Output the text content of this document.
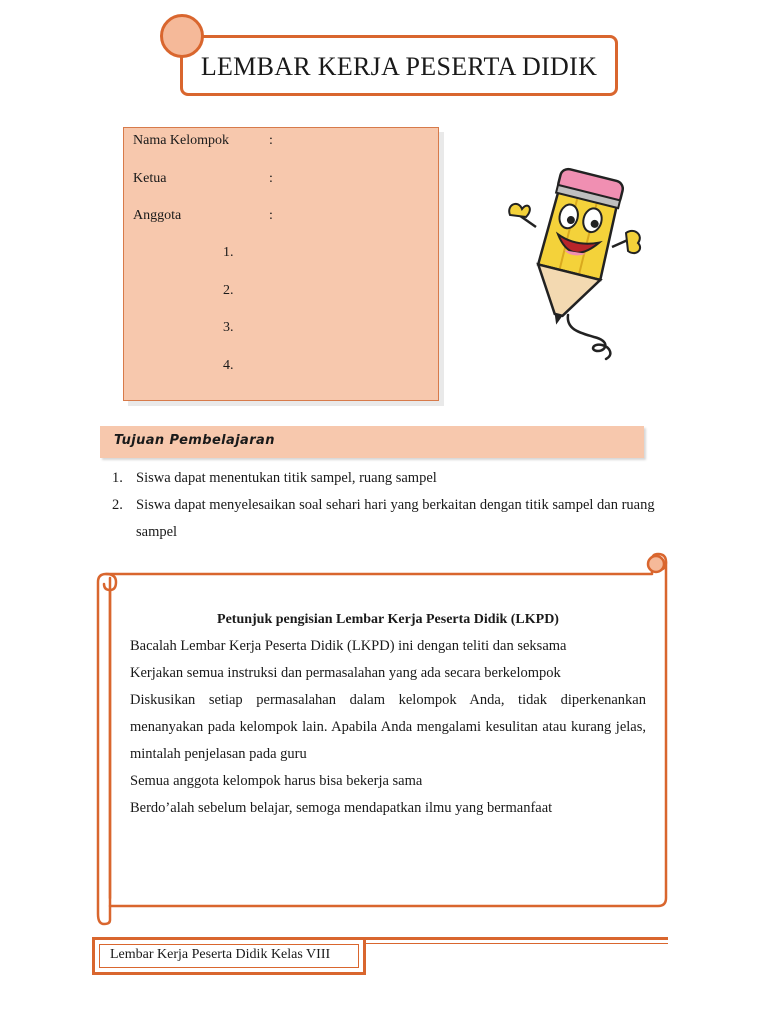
LEMBAR KERJA PESERTA DIDIK
Nama Kelompok	:
Ketua	:
Anggota	:
1.
2.
3.
4.
Tujuan Pembelajaran
1. Siswa dapat menentukan titik sampel, ruang sampel
2. Siswa dapat menyelesaikan soal sehari hari yang berkaitan dengan titik sampel dan ruang sampel
Petunjuk pengisian Lembar Kerja Peserta Didik (LKPD)

Bacalah Lembar Kerja Peserta Didik (LKPD) ini dengan teliti dan seksama

Kerjakan semua instruksi dan permasalahan yang ada secara berkelompok

Diskusikan setiap permasalahan dalam kelompok Anda, tidak diperkenankan menanyakan pada kelompok lain. Apabila Anda mengalami kesulitan atau kurang jelas, mintalah penjelasan pada guru

Semua anggota kelompok harus bisa bekerja sama

Berdo’alah sebelum belajar, semoga mendapatkan ilmu yang bermanfaat

Lembar Kerja Peserta Didik Kelas VIII
